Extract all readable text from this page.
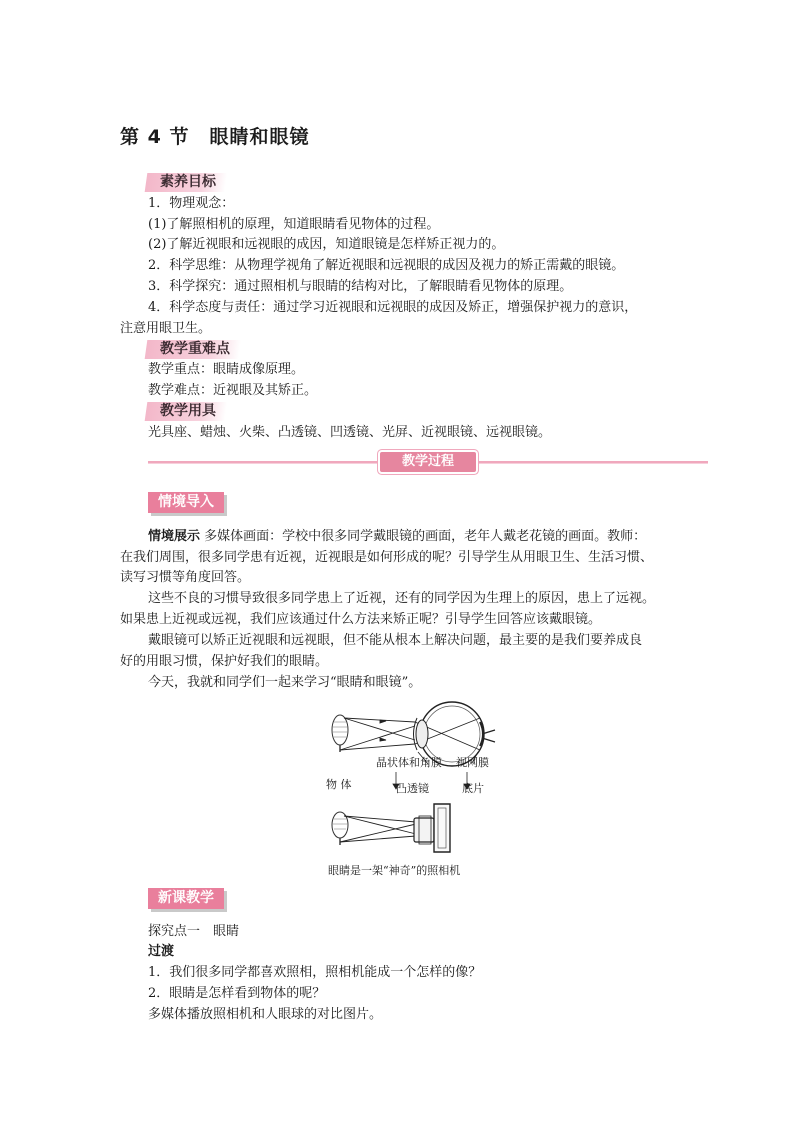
第 4 节　眼睛和眼镜
素养目标
1．物理观念：
(1)了解照相机的原理，知道眼睛看见物体的过程。
(2)了解近视眼和远视眼的成因，知道眼镜是怎样矫正视力的。
2．科学思维：从物理学视角了解近视眼和远视眼的成因及视力的矫正需戴的眼镜。
3．科学探究：通过照相机与眼睛的结构对比，了解眼睛看见物体的原理。
4．科学态度与责任：通过学习近视眼和远视眼的成因及矫正，增强保护视力的意识，
注意用眼卫生。
教学重难点
教学重点：眼睛成像原理。
教学难点：近视眼及其矫正。
教学用具
光具座、蜡烛、火柴、凸透镜、凹透镜、光屏、近视眼镜、远视眼镜。
教学过程
情境导入
情境展示 多媒体画面：学校中很多同学戴眼镜的画面，老年人戴老花镜的画面。教师：
在我们周围，很多同学患有近视，近视眼是如何形成的呢？引导学生从用眼卫生、生活习惯、
读写习惯等角度回答。
这些不良的习惯导致很多同学患上了近视，还有的同学因为生理上的原因，患上了远视。
如果患上近视或远视，我们应该通过什么方法来矫正呢？引导学生回答应该戴眼镜。
戴眼镜可以矫正近视眼和远视眼，但不能从根本上解决问题，最主要的是我们要养成良
好的用眼习惯，保护好我们的眼睛。
今天，我就和同学们一起来学习“眼睛和眼镜”。
晶状体和角膜 视网膜
物 体	凸透镜	底片
眼睛是一架“神奇”的照相机
新课教学
探究点一　眼睛
过渡
1．我们很多同学都喜欢照相，照相机能成一个怎样的像？
2．眼睛是怎样看到物体的呢？
多媒体播放照相机和人眼球的对比图片。
